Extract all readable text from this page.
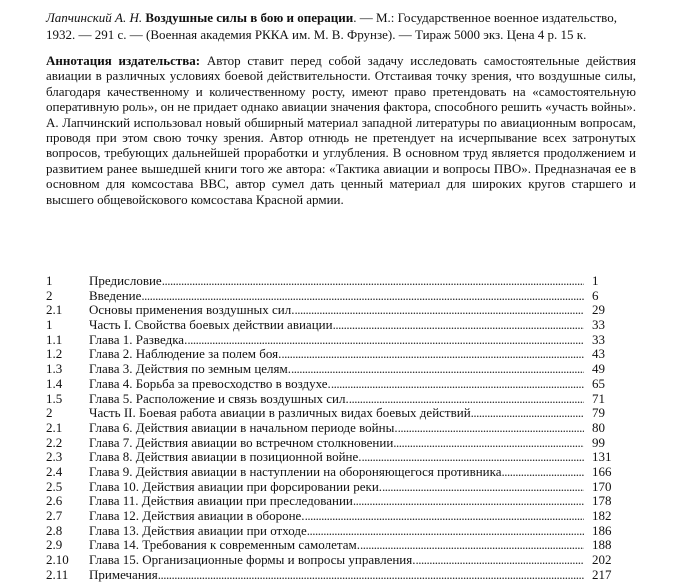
Лапчинский А. Н. Воздушные силы в бою и операции. — М.: Государственное военное издательство, 1932. — 291 с. — (Военная академия РККА им. М. В. Фрунзе). — Тираж 5000 экз. Цена 4 р. 15 к.
Аннотация издательства: Автор ставит перед собой задачу исследовать самостоятельные действия авиации в различных условиях боевой действительности. Отстаивая точку зрения, что воздушные силы, благодаря качественному и количественному росту, имеют право претендовать на «самостоятельную оперативную роль», он не придает однако авиации значения фактора, способного решить «участь войны». А. Лапчинский использовал новый обширный материал западной литературы по авиационным вопросам, проводя при этом свою точку зрения. Автор отнюдь не претендует на исчерпывание всех затронутых вопросов, требующих дальнейшей проработки и углубления. В основном труд является продолжением и развитием ранее вышедшей книги того же автора: «Тактика авиации и вопросы ПВО». Предназначая ее в основном для комсостава ВВС, автор сумел дать ценный материал для широких кругов старшего и высшего общевойскового комсостава Красной армии.
1	Предисловие .....	1
2	Введение .....	6
2.1	Основы применения воздушных сил. .....	29
1	Часть I. Свойства боевых действии авиации .....	33
1.1	Глава 1. Разведка. .....	33
1.2	Глава 2. Наблюдение за полем боя. .....	43
1.3	Глава 3. Действия по земным целям. .....	49
1.4	Глава 4. Борьба за превосходство в воздухе. .....	65
1.5	Глава 5. Расположение и связь воздушных сил. .....	71
2	Часть II. Боевая работа авиации в различных видах боевых действий .....	79
2.1	Глава 6. Действия авиации в начальном периоде войны. .....	80
2.2	Глава 7. Действия авиации во встречном столкновении .....	99
2.3	Глава 8. Действия авиации в позиционной войне. .....	131
2.4	Глава 9. Действия авиации в наступлении на обороняющегося противника .....	166
2.5	Глава 10. Действия авиации при форсировании реки. .....	170
2.6	Глава 11. Действия авиации при преследовании .....	178
2.7	Глава 12. Действия авиации в обороне. .....	182
2.8	Глава 13. Действия авиации при отходе .....	186
2.9	Глава 14. Требования к современным самолетам. .....	188
2.10	Глава 15. Организационные формы и вопросы управления. .....	202
2.11	Примечания .....	217
